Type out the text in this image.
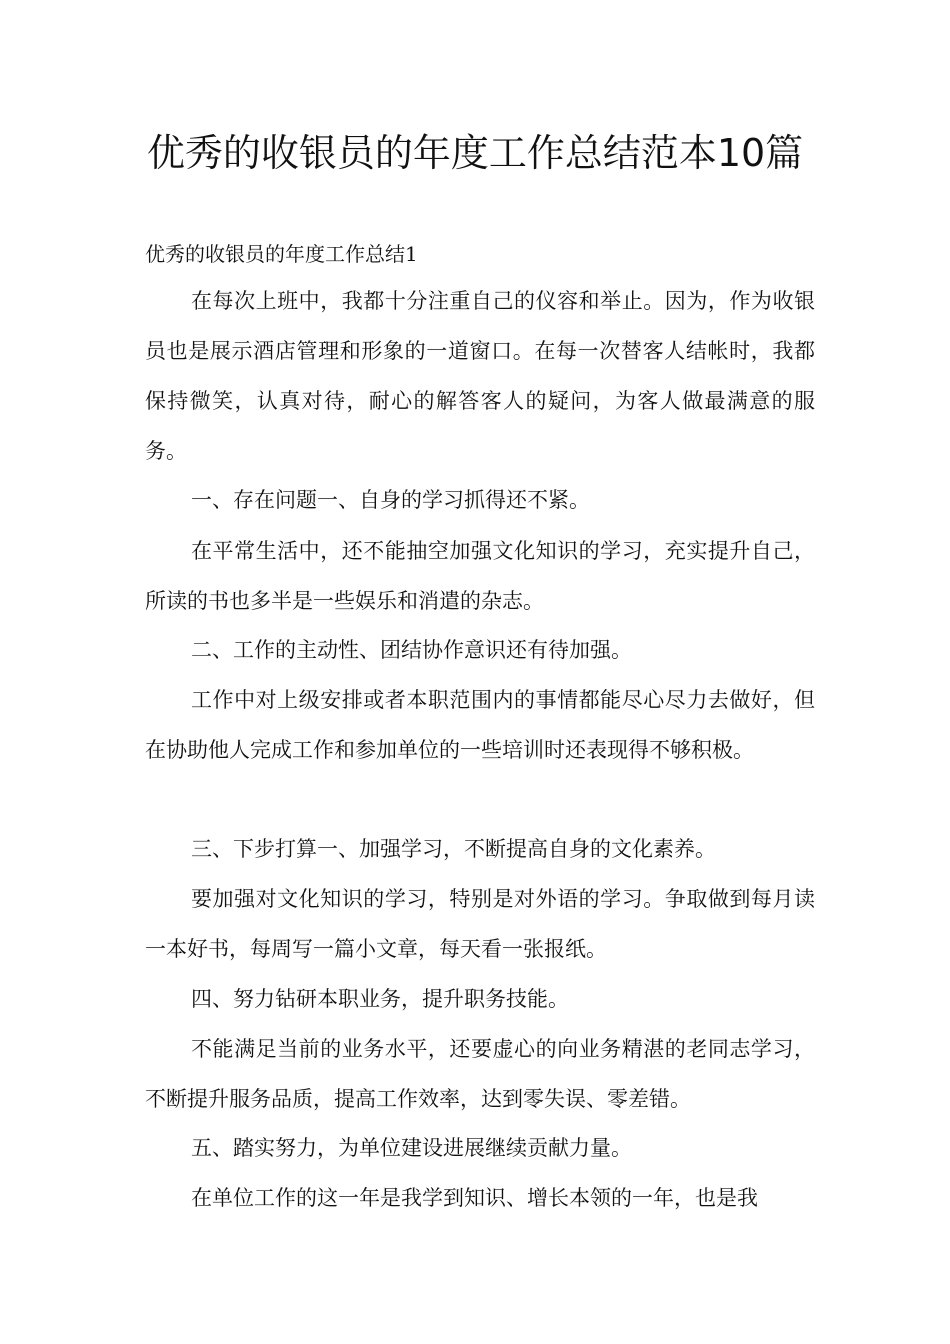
优秀的收银员的年度工作总结范本10篇

优秀的收银员的年度工作总结1

在每次上班中，我都十分注重自己的仪容和举止。因为，作为收银员也是展示酒店管理和形象的一道窗口。在每一次替客人结帐时，我都保持微笑，认真对待，耐心的解答客人的疑问，为客人做最满意的服务。

一、存在问题一、自身的学习抓得还不紧。

在平常生活中，还不能抽空加强文化知识的学习，充实提升自己，所读的书也多半是一些娱乐和消遣的杂志。

二、工作的主动性、团结协作意识还有待加强。

工作中对上级安排或者本职范围内的事情都能尽心尽力去做好，但在协助他人完成工作和参加单位的一些培训时还表现得不够积极。

三、下步打算一、加强学习，不断提高自身的文化素养。

要加强对文化知识的学习，特别是对外语的学习。争取做到每月读一本好书，每周写一篇小文章，每天看一张报纸。

四、努力钻研本职业务，提升职务技能。

不能满足当前的业务水平，还要虚心的向业务精湛的老同志学习，不断提升服务品质，提高工作效率，达到零失误、零差错。

五、踏实努力，为单位建设进展继续贡献力量。

在单位工作的这一年是我学到知识、增长本领的一年，也是我
